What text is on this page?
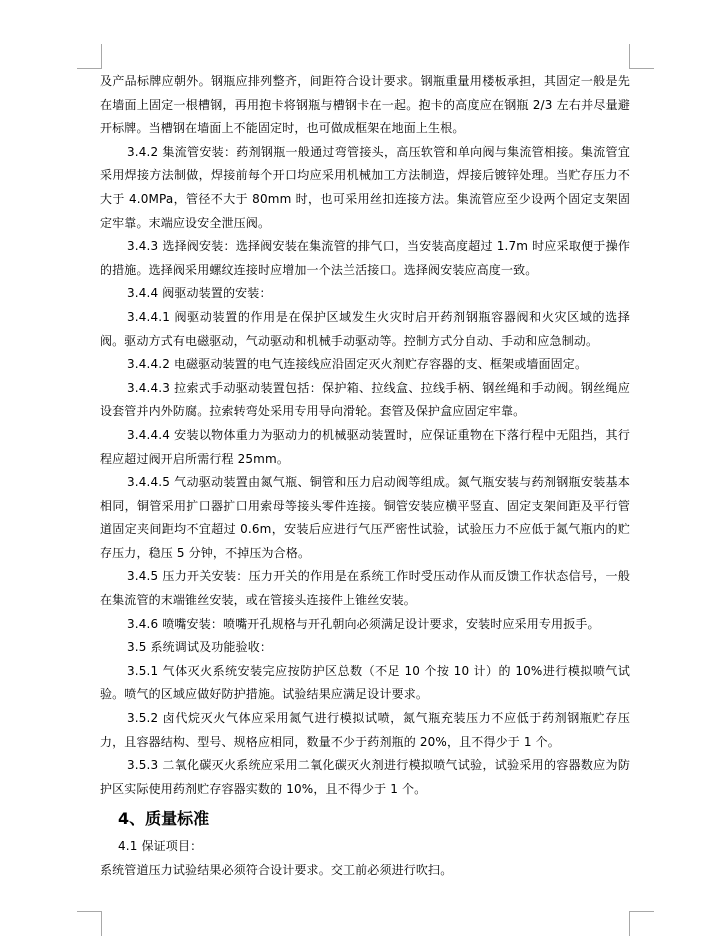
及产品标牌应朝外。钢瓶应排列整齐，间距符合设计要求。钢瓶重量用楼板承担，其固定一般是先在墙面上固定一根槽钢，再用抱卡将钢瓶与槽钢卡在一起。抱卡的高度应在钢瓶 2/3 左右并尽量避开标牌。当槽钢在墙面上不能固定时，也可做成框架在地面上生根。

3.4.2 集流管安装：药剂钢瓶一般通过弯管接头，高压软管和单向阀与集流管相接。集流管宜采用焊接方法制做，焊接前每个开口均应采用机械加工方法制造，焊接后镀锌处理。当贮存压力不大于 4.0MPa，管径不大于 80mm 时，也可采用丝扣连接方法。集流管应至少设两个固定支架固定牢靠。末端应设安全泄压阀。

3.4.3 选择阀安装：选择阀安装在集流管的排气口，当安装高度超过 1.7m 时应采取便于操作的措施。选择阀采用螺纹连接时应增加一个法兰活接口。选择阀安装应高度一致。

3.4.4 阀驱动装置的安装：

3.4.4.1 阀驱动装置的作用是在保护区域发生火灾时启开药剂钢瓶容器阀和火灾区域的选择阀。驱动方式有电磁驱动，气动驱动和机械手动驱动等。控制方式分自动、手动和应急制动。

3.4.4.2 电磁驱动装置的电气连接线应沿固定灭火剂贮存容器的支、框架或墙面固定。

3.4.4.3 拉索式手动驱动装置包括：保护箱、拉线盒、拉线手柄、钢丝绳和手动阀。钢丝绳应设套管并内外防腐。拉索转弯处采用专用导向滑轮。套管及保护盒应固定牢靠。

3.4.4.4 安装以物体重力为驱动力的机械驱动装置时，应保证重物在下落行程中无阻挡，其行程应超过阀开启所需行程 25mm。

3.4.4.5 气动驱动装置由氮气瓶、铜管和压力启动阀等组成。氮气瓶安装与药剂钢瓶安装基本相同，铜管采用扩口器扩口用索母等接头零件连接。铜管安装应横平竖直、固定支架间距及平行管道固定夹间距均不宜超过 0.6m，安装后应进行气压严密性试验，试验压力不应低于氮气瓶内的贮存压力，稳压 5 分钟，不掉压为合格。

3.4.5 压力开关安装：压力开关的作用是在系统工作时受压动作从而反馈工作状态信号，一般在集流管的末端锥丝安装，或在管接头连接件上锥丝安装。

3.4.6 喷嘴安装：喷嘴开孔规格与开孔朝向必须满足设计要求，安装时应采用专用扳手。

3.5 系统调试及功能验收：

3.5.1 气体灭火系统安装完应按防护区总数（不足 10 个按 10 计）的 10%进行模拟喷气试验。喷气的区域应做好防护措施。试验结果应满足设计要求。

3.5.2 卤代烷灭火气体应采用氮气进行模拟试喷，氮气瓶充装压力不应低于药剂钢瓶贮存压力，且容器结构、型号、规格应相同，数量不少于药剂瓶的 20%，且不得少于 1 个。

3.5.3 二氧化碳灭火系统应采用二氧化碳灭火剂进行模拟喷气试验，试验采用的容器数应为防护区实际使用药剂贮存容器实数的 10%，且不得少于 1 个。

4、质量标准

4.1 保证项目：

系统管道压力试验结果必须符合设计要求。交工前必须进行吹扫。
